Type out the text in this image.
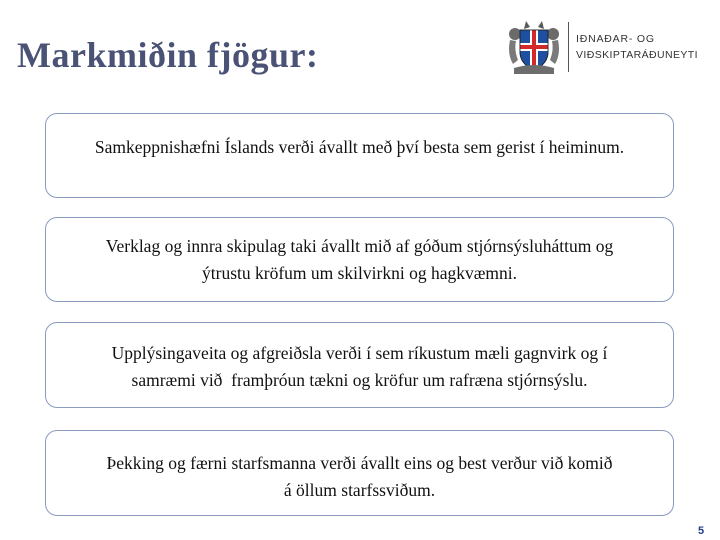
Markmiðin fjögur:	IÐNAÐAR- OG
VIÐSKIPTARÁÐUNEYTI
Samkeppnishæfni Íslands verði ávallt með því besta sem gerist í heiminum.
Verklag og innra skipulag taki ávallt mið af góðum stjórnsýsluháttum og
ýtrustu kröfum um skilvirkni og hagkvæmni.
Upplýsingaveita og afgreiðsla verði í sem ríkustum mæli gagnvirk og í
samræmi við  framþróun tækni og kröfur um rafræna stjórnsýslu.
Þekking og færni starfsmanna verði ávallt eins og best verður við komið
á öllum starfssviðum.
5
